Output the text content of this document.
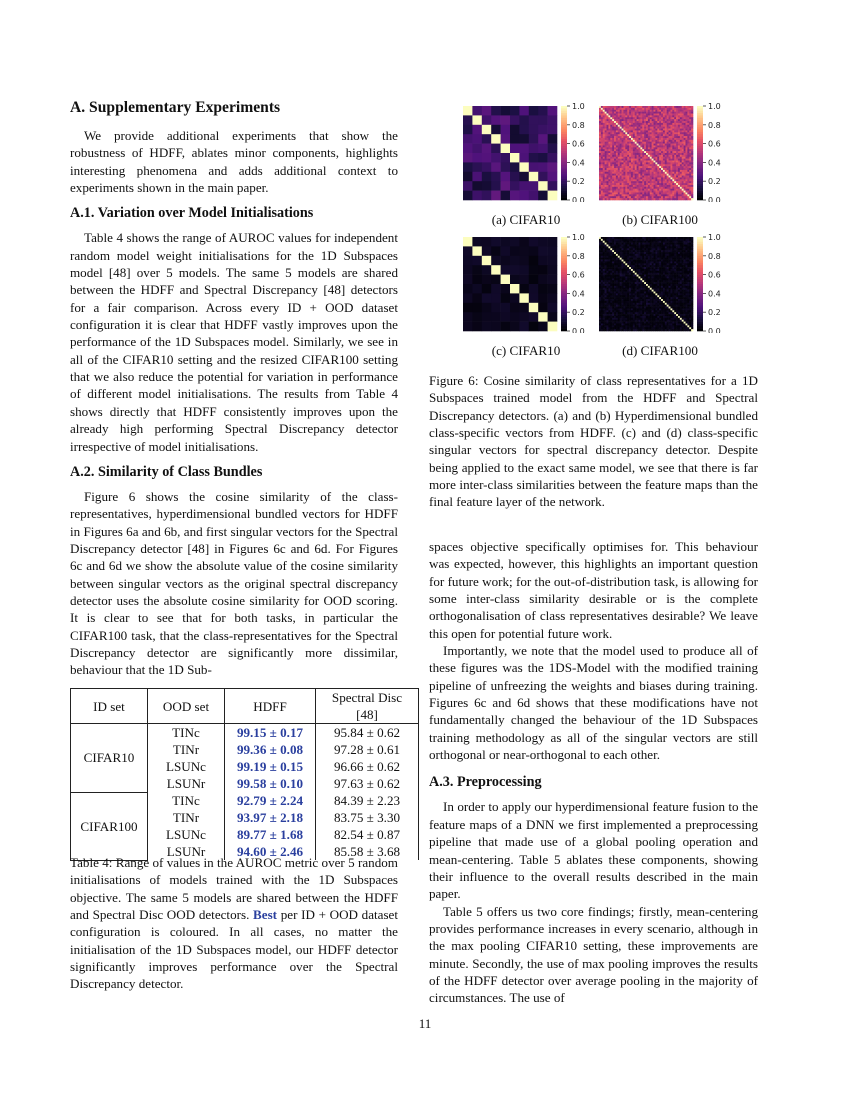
A. Supplementary Experiments

We provide additional experiments that show the robustness of HDFF, ablates minor components, highlights interesting phenomena and adds additional context to experiments shown in the main paper.

A.1. Variation over Model Initialisations

Table 4 shows the range of AUROC values for independent random model weight initialisations for the 1D Subspaces model [48] over 5 models. The same 5 models are shared between the HDFF and Spectral Discrepancy [48] detectors for a fair comparison. Across every ID + OOD dataset configuration it is clear that HDFF vastly improves upon the performance of the 1D Subspaces model. Similarly, we see in all of the CIFAR10 setting and the resized CIFAR100 setting that we also reduce the potential for variation in performance of different model initialisations. The results from Table 4 shows directly that HDFF consistently improves upon the already high performing Spectral Discrepancy detector irrespective of model initialisations.

A.2. Similarity of Class Bundles

Figure 6 shows the cosine similarity of the class-representatives, hyperdimensional bundled vectors for HDFF in Figures 6a and 6b, and first singular vectors for the Spectral Discrepancy detector [48] in Figures 6c and 6d. For Figures 6c and 6d we show the absolute value of the cosine similarity between singular vectors as the original spectral discrepancy detector uses the absolute cosine similarity for OOD scoring. It is clear to see that for both tasks, in particular the CIFAR100 task, that the class-representatives for the Spectral Discrepancy detector are significantly more dissimilar, behaviour that the 1D Sub-

1.0
0.8
0.6
0.4
0.2
0.0
(a) CIFAR10
1.0
0.8
0.6
0.4
0.2
0.0
(b) CIFAR100
1.0
0.8
0.6
0.4
0.2
0.0
(c) CIFAR10
1.0
0.8
0.6
0.4
0.2
0.0
(d) CIFAR100
Figure 6: Cosine similarity of class representatives for a 1D Subspaces trained model from the HDFF and Spectral Discrepancy detectors. (a) and (b) Hyperdimensional bundled class-specific vectors from HDFF. (c) and (d) class-specific singular vectors for spectral discrepancy detector. Despite being applied to the exact same model, we see that there is far more inter-class similarities between the feature maps than the final feature layer of the network.
ID set	OOD set	HDFF	Spectral Disc [48]
CIFAR10	TINc	99.15 ± 0.17	95.84 ± 0.62
	TINr	99.36 ± 0.08	97.28 ± 0.61
	LSUNc	99.19 ± 0.15	96.66 ± 0.62
	LSUNr	99.58 ± 0.10	97.63 ± 0.62
CIFAR100	TINc	92.79 ± 2.24	84.39 ± 2.23
	TINr	93.97 ± 2.18	83.75 ± 3.30
	LSUNc	89.77 ± 1.68	82.54 ± 0.87
	LSUNr	94.60 ± 2.46	85.58 ± 3.68
Table 4: Range of values in the AUROC metric over 5 random initialisations of models trained with the 1D Subspaces objective. The same 5 models are shared between the HDFF and Spectral Disc OOD detectors. Best per ID + OOD dataset configuration is coloured. In all cases, no matter the initialisation of the 1D Subspaces model, our HDFF detector significantly improves performance over the Spectral Discrepancy detector.

spaces objective specifically optimises for. This behaviour was expected, however, this highlights an important question for future work; for the out-of-distribution task, is allowing for some inter-class similarity desirable or is the complete orthogonalisation of class representatives desirable? We leave this open for potential future work.

Importantly, we note that the model used to produce all of these figures was the 1DS-Model with the modified training pipeline of unfreezing the weights and biases during training. Figures 6c and 6d shows that these modifications have not fundamentally changed the behaviour of the 1D Subspaces training methodology as all of the singular vectors are still orthogonal or near-orthogonal to each other.

A.3. Preprocessing

In order to apply our hyperdimensional feature fusion to the feature maps of a DNN we first implemented a preprocessing pipeline that made use of a global pooling operation and mean-centering. Table 5 ablates these components, showing their influence to the overall results described in the main paper.

Table 5 offers us two core findings; firstly, mean-centering provides performance increases in every scenario, although in the max pooling CIFAR10 setting, these improvements are minute. Secondly, the use of max pooling improves the results of the HDFF detector over average pooling in the majority of circumstances. The use of

11
